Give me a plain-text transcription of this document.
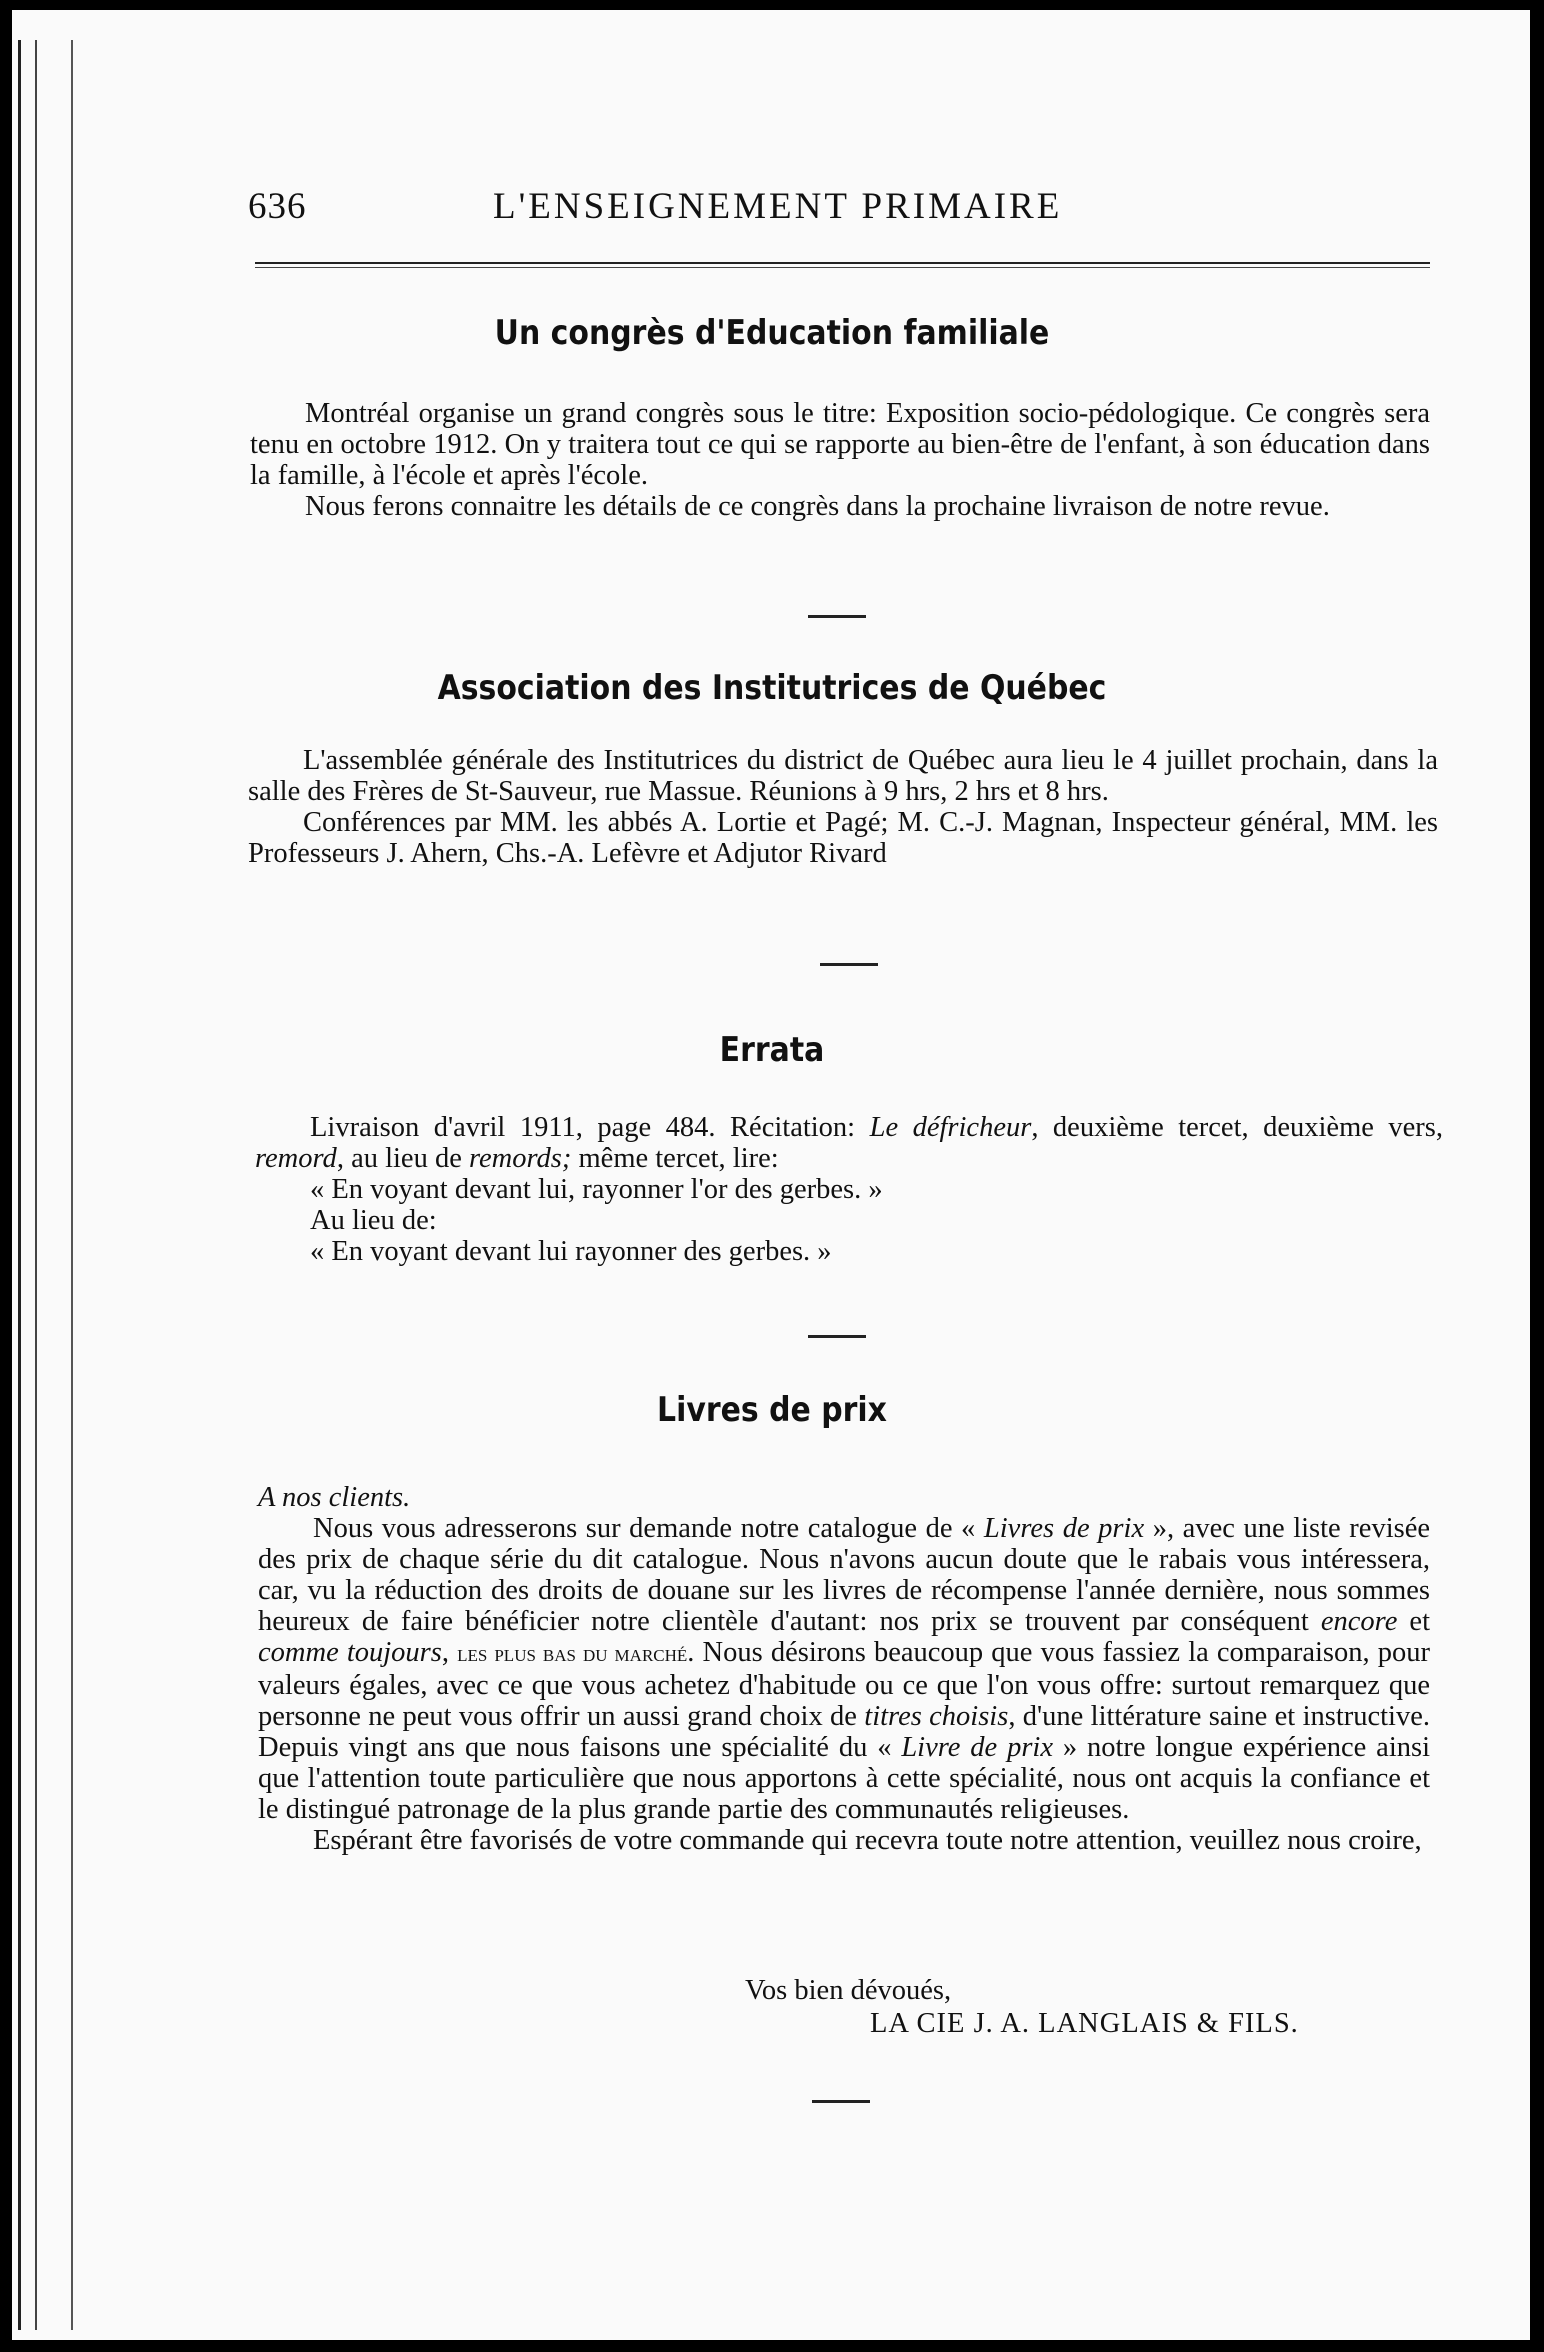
636	L'ENSEIGNEMENT PRIMAIRE
Un congrès d'Education familiale

Montréal organise un grand congrès sous le titre: Exposition socio-pédologique. Ce congrès sera tenu en octobre 1912. On y traitera tout ce qui se rapporte au bien-être de l'enfant, à son éducation dans la famille, à l'école et après l'école.

Nous ferons connaitre les détails de ce congrès dans la prochaine livraison de notre revue.

Association des Institutrices de Québec

L'assemblée générale des Institutrices du district de Québec aura lieu le 4 juillet prochain, dans la salle des Frères de St-Sauveur, rue Massue. Réunions à 9 hrs, 2 hrs et 8 hrs.

Conférences par MM. les abbés A. Lortie et Pagé; M. C.-J. Magnan, Inspecteur général, MM. les Professeurs J. Ahern, Chs.-A. Lefèvre et Adjutor Rivard

Errata

Livraison d'avril 1911, page 484. Récitation: Le défricheur, deuxième tercet, deuxième vers, remord, au lieu de remords; même tercet, lire:

« En voyant devant lui, rayonner l'or des gerbes. »

Au lieu de:

« En voyant devant lui rayonner des gerbes. »

Livres de prix

A nos clients.

Nous vous adresserons sur demande notre catalogue de « Livres de prix », avec une liste revisée des prix de chaque série du dit catalogue. Nous n'avons aucun doute que le rabais vous intéressera, car, vu la réduction des droits de douane sur les livres de récompense l'année dernière, nous sommes heureux de faire bénéficier notre clientèle d'autant: nos prix se trouvent par conséquent encore et comme toujours, les plus bas du marché. Nous désirons beaucoup que vous fassiez la comparaison, pour valeurs égales, avec ce que vous achetez d'habitude ou ce que l'on vous offre: surtout remarquez que personne ne peut vous offrir un aussi grand choix de titres choisis, d'une littérature saine et instructive. Depuis vingt ans que nous faisons une spécialité du « Livre de prix » notre longue expérience ainsi que l'attention toute particulière que nous apportons à cette spécialité, nous ont acquis la confiance et le distingué patronage de la plus grande partie des communautés religieuses.

Espérant être favorisés de votre commande qui recevra toute notre attention, veuillez nous croire,

Vos bien dévoués,
LA CIE J. A. LANGLAIS & FILS.
